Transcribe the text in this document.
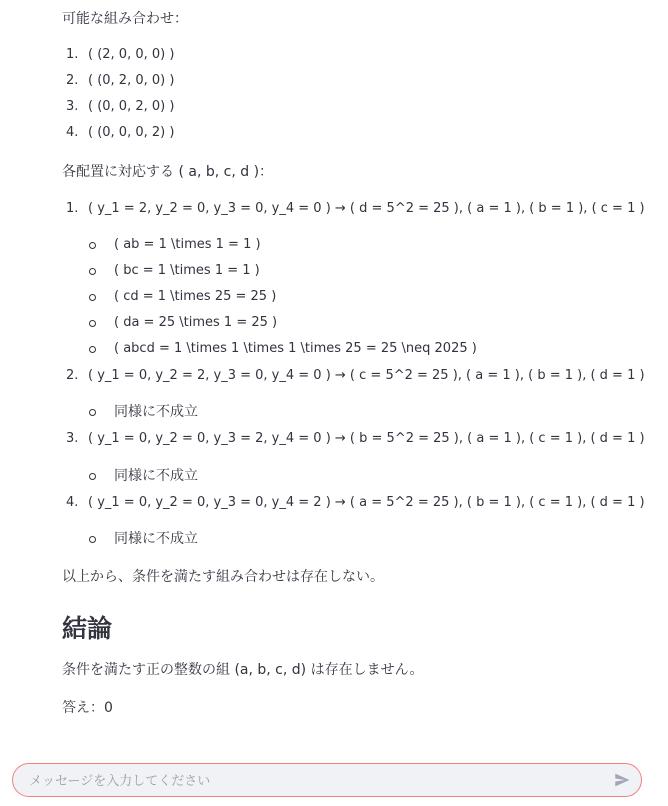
可能な組み合わせ：

1. ( (2, 0, 0, 0) )
2. ( (0, 2, 0, 0) )
3. ( (0, 0, 2, 0) )
4. ( (0, 0, 0, 2) )

各配置に対応する ( a, b, c, d )：

1. ( y_1 = 2, y_2 = 0, y_3 = 0, y_4 = 0 ) → ( d = 5^2 = 25 ), ( a = 1 ), ( b = 1 ), ( c = 1 )
( ab = 1 \times 1 = 1 )
( bc = 1 \times 1 = 1 )
( cd = 1 \times 25 = 25 )
( da = 25 \times 1 = 25 )
( abcd = 1 \times 1 \times 1 \times 25 = 25 \neq 2025 )
2. ( y_1 = 0, y_2 = 2, y_3 = 0, y_4 = 0 ) → ( c = 5^2 = 25 ), ( a = 1 ), ( b = 1 ), ( d = 1 )
同様に不成立
3. ( y_1 = 0, y_2 = 0, y_3 = 2, y_4 = 0 ) → ( b = 5^2 = 25 ), ( a = 1 ), ( c = 1 ), ( d = 1 )
同様に不成立
4. ( y_1 = 0, y_2 = 0, y_3 = 0, y_4 = 2 ) → ( a = 5^2 = 25 ), ( b = 1 ), ( c = 1 ), ( d = 1 )
同様に不成立

以上から、条件を満たす組み合わせは存在しない。

結論

条件を満たす正の整数の組 (a, b, c, d) は存在しません。

答え：0

メッセージを入力してください
